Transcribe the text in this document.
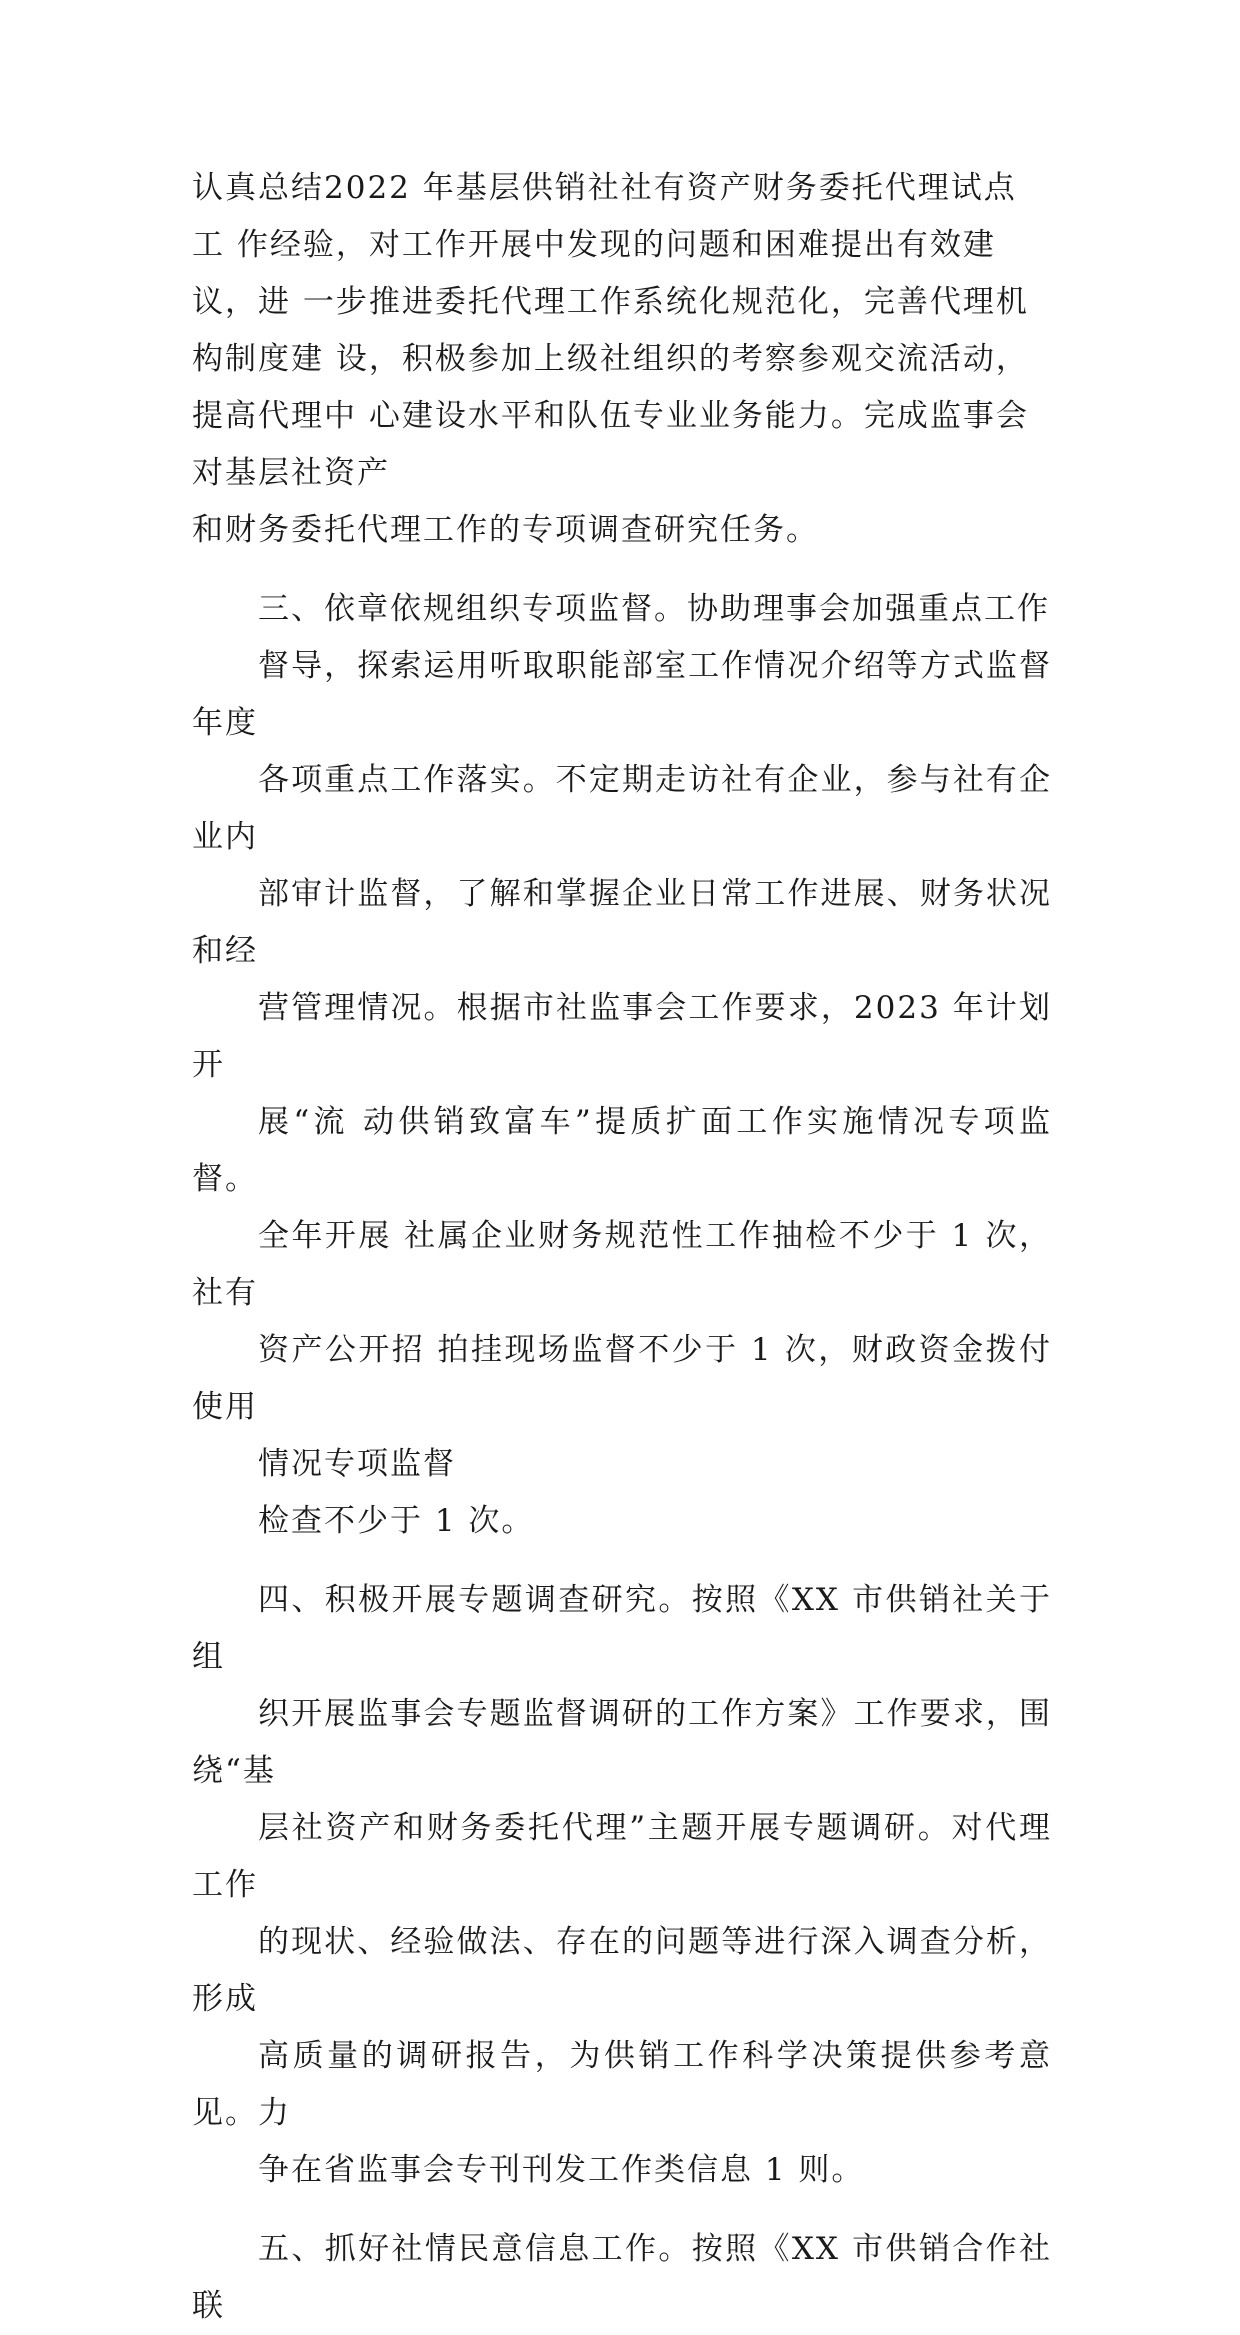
认真总结2022 年基层供销社社有资产财务委托代理试点
工 作经验，对工作开展中发现的问题和困难提出有效建
议，进 一步推进委托代理工作系统化规范化，完善代理机
构制度建 设，积极参加上级社组织的考察参观交流活动，
提高代理中 心建设水平和队伍专业业务能力。完成监事会
对基层社资产
和财务委托代理工作的专项调查研究任务。

三、依章依规组织专项监督。协助理事会加强重点工作
督导，探索运用听取职能部室工作情况介绍等方式监督年度
各项重点工作落实。不定期走访社有企业，参与社有企业内
部审计监督，了解和掌握企业日常工作进展、财务状况和经
营管理情况。根据市社监事会工作要求，2023 年计划开
展“流 动供销致富车”提质扩面工作实施情况专项监督。
全年开展 社属企业财务规范性工作抽检不少于 1 次，社有
资产公开招 拍挂现场监督不少于 1 次，财政资金拨付使用
情况专项监督
检查不少于 1 次。

四、积极开展专题调查研究。按照《XX 市供销社关于组
织开展监事会专题监督调研的工作方案》工作要求，围绕“基
层社资产和财务委托代理”主题开展专题调研。对代理工作
的现状、经验做法、存在的问题等进行深入调查分析，形成
高质量的调研报告，为供销工作科学决策提供参考意见。力
争在省监事会专刊刊发工作类信息 1 则。

五、抓好社情民意信息工作。按照《XX 市供销合作社联
